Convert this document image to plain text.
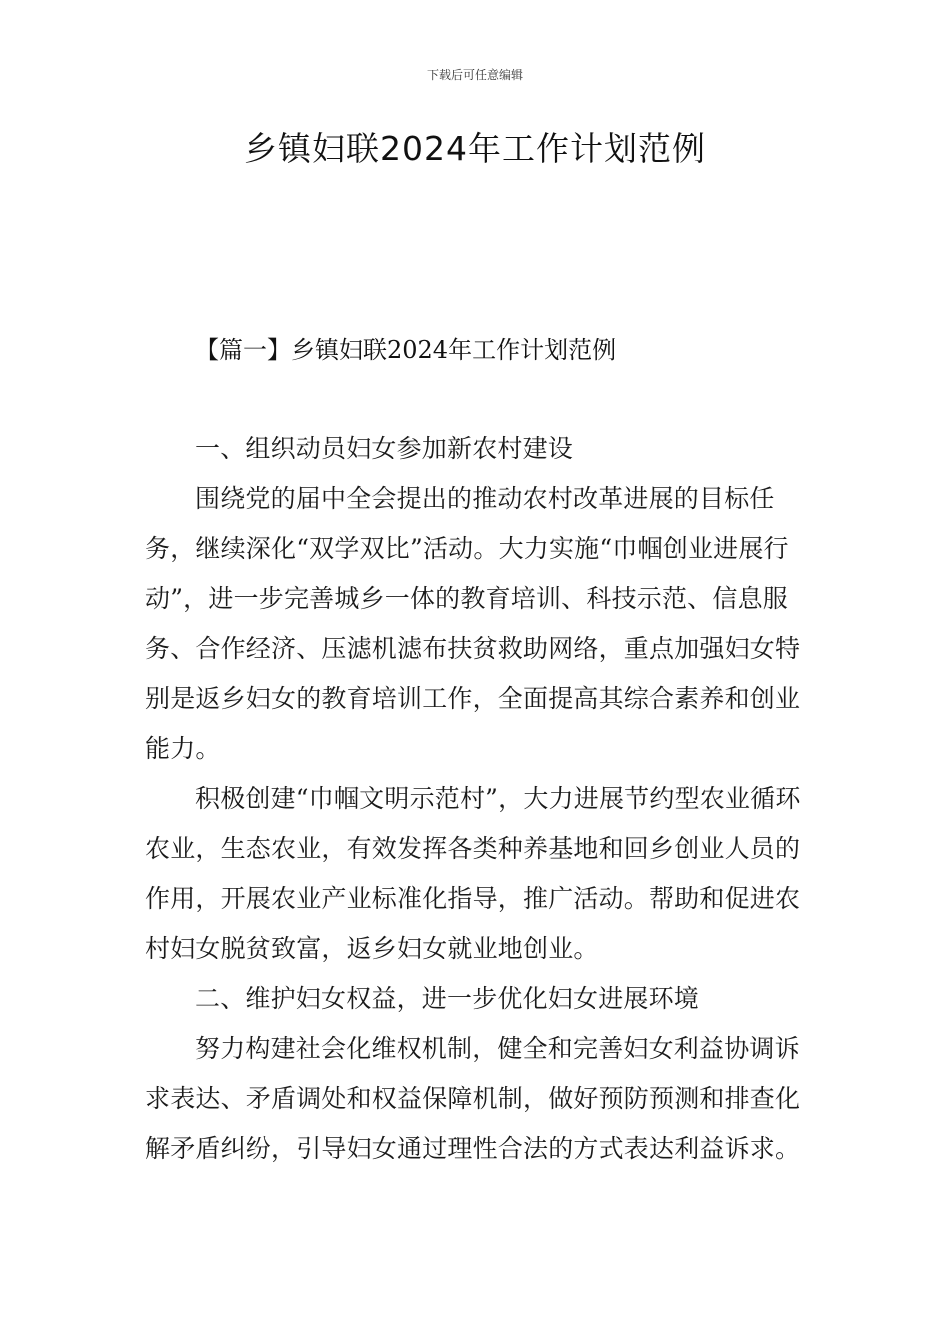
下载后可任意编辑
乡镇妇联2024年工作计划范例
【篇一】乡镇妇联2024年工作计划范例

一、组织动员妇女参加新农村建设

围绕党的届中全会提出的推动农村改革进展的目标任务，继续深化“双学双比”活动。大力实施“巾帼创业进展行动”，进一步完善城乡一体的教育培训、科技示范、信息服务、合作经济、压滤机滤布扶贫救助网络，重点加强妇女特别是返乡妇女的教育培训工作，全面提高其综合素养和创业能力。

积极创建“巾帼文明示范村”，大力进展节约型农业循环农业，生态农业，有效发挥各类种养基地和回乡创业人员的作用，开展农业产业标准化指导，推广活动。帮助和促进农村妇女脱贫致富，返乡妇女就业地创业。

二、维护妇女权益，进一步优化妇女进展环境

努力构建社会化维权机制，健全和完善妇女利益协调诉求表达、矛盾调处和权益保障机制，做好预防预测和排查化解矛盾纠纷，引导妇女通过理性合法的方式表达利益诉求。
